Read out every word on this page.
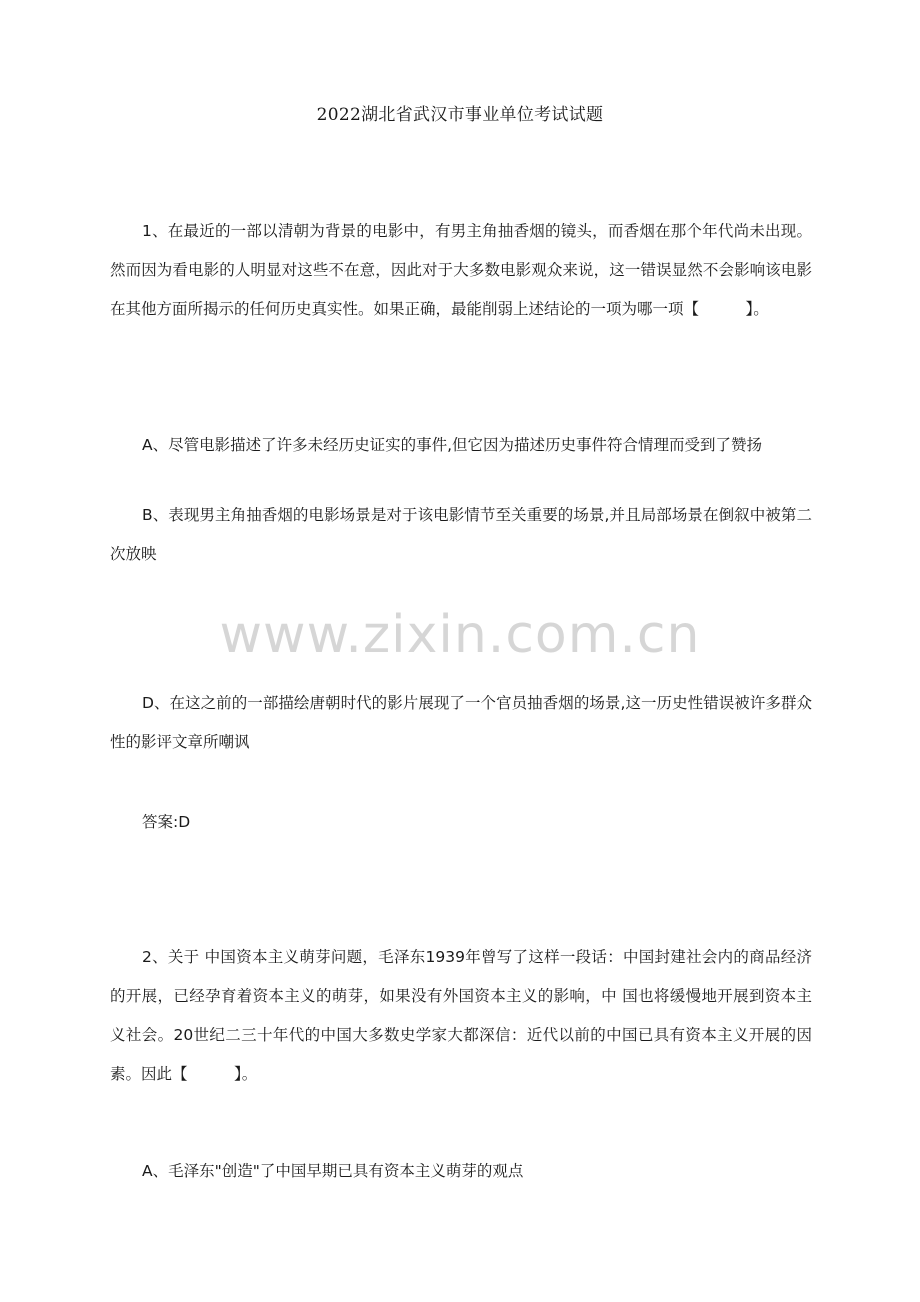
2022湖北省武汉市事业单位考试试题

1、在最近的一部以清朝为背景的电影中，有男主角抽香烟的镜头，而香烟在那个年代尚未出现。然而因为看电影的人明显对这些不在意，因此对于大多数电影观众来说，这一错误显然不会影响该电影在其他方面所揭示的任何历史真实性。如果正确，最能削弱上述结论的一项为哪一项【　　　】。

A、尽管电影描述了许多未经历史证实的事件,但它因为描述历史事件符合情理而受到了赞扬

B、表现男主角抽香烟的电影场景是对于该电影情节至关重要的场景,并且局部场景在倒叙中被第二次放映

www.zixin.com.cn

D、在这之前的一部描绘唐朝时代的影片展现了一个官员抽香烟的场景,这一历史性错误被许多群众性的影评文章所嘲讽

答案:D

2、关于 中国资本主义萌芽问题，毛泽东1939年曾写了这样一段话：中国封建社会内的商品经济的开展，已经孕育着资本主义的萌芽，如果没有外国资本主义的影响，中 国也将缓慢地开展到资本主义社会。20世纪二三十年代的中国大多数史学家大都深信：近代以前的中国已具有资本主义开展的因素。因此【　　　】。

A、毛泽东"创造"了中国早期已具有资本主义萌芽的观点
